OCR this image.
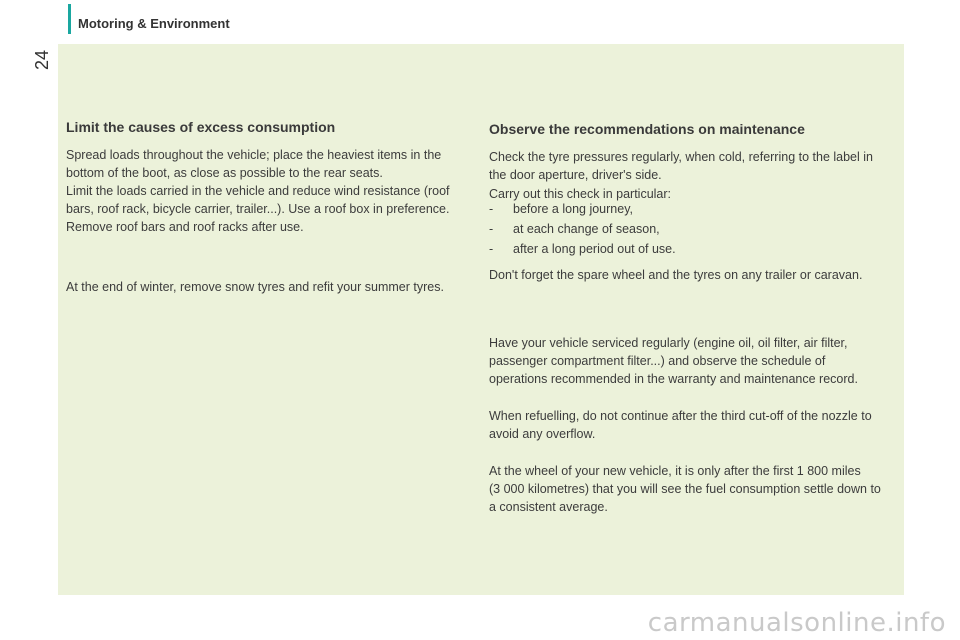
Motoring & Environment
24
Limit the causes of excess consumption

Spread loads throughout the vehicle; place the heaviest items in the

bottom of the boot, as close as possible to the rear seats.

Limit the loads carried in the vehicle and reduce wind resistance (roof

bars, roof rack, bicycle carrier, trailer...). Use a roof box in preference.

Remove roof bars and roof racks after use.

At the end of winter, remove snow tyres and refit your summer tyres.

Observe the recommendations on maintenance

Check the tyre pressures regularly, when cold, referring to the label in

the door aperture, driver's side.

Carry out this check in particular:

-	before a long journey,
-	at each change of season,
-	after a long period out of use.

Don't forget the spare wheel and the tyres on any trailer or caravan.

Have your vehicle serviced regularly (engine oil, oil filter, air filter,

passenger compartment filter...) and observe the schedule of

operations recommended in the warranty and maintenance record.

When refuelling, do not continue after the third cut-off of the nozzle to

avoid any overflow.

At the wheel of your new vehicle, it is only after the first 1 800 miles

(3 000 kilometres) that you will see the fuel consumption settle down to

a consistent average.

carmanualsonline.info
